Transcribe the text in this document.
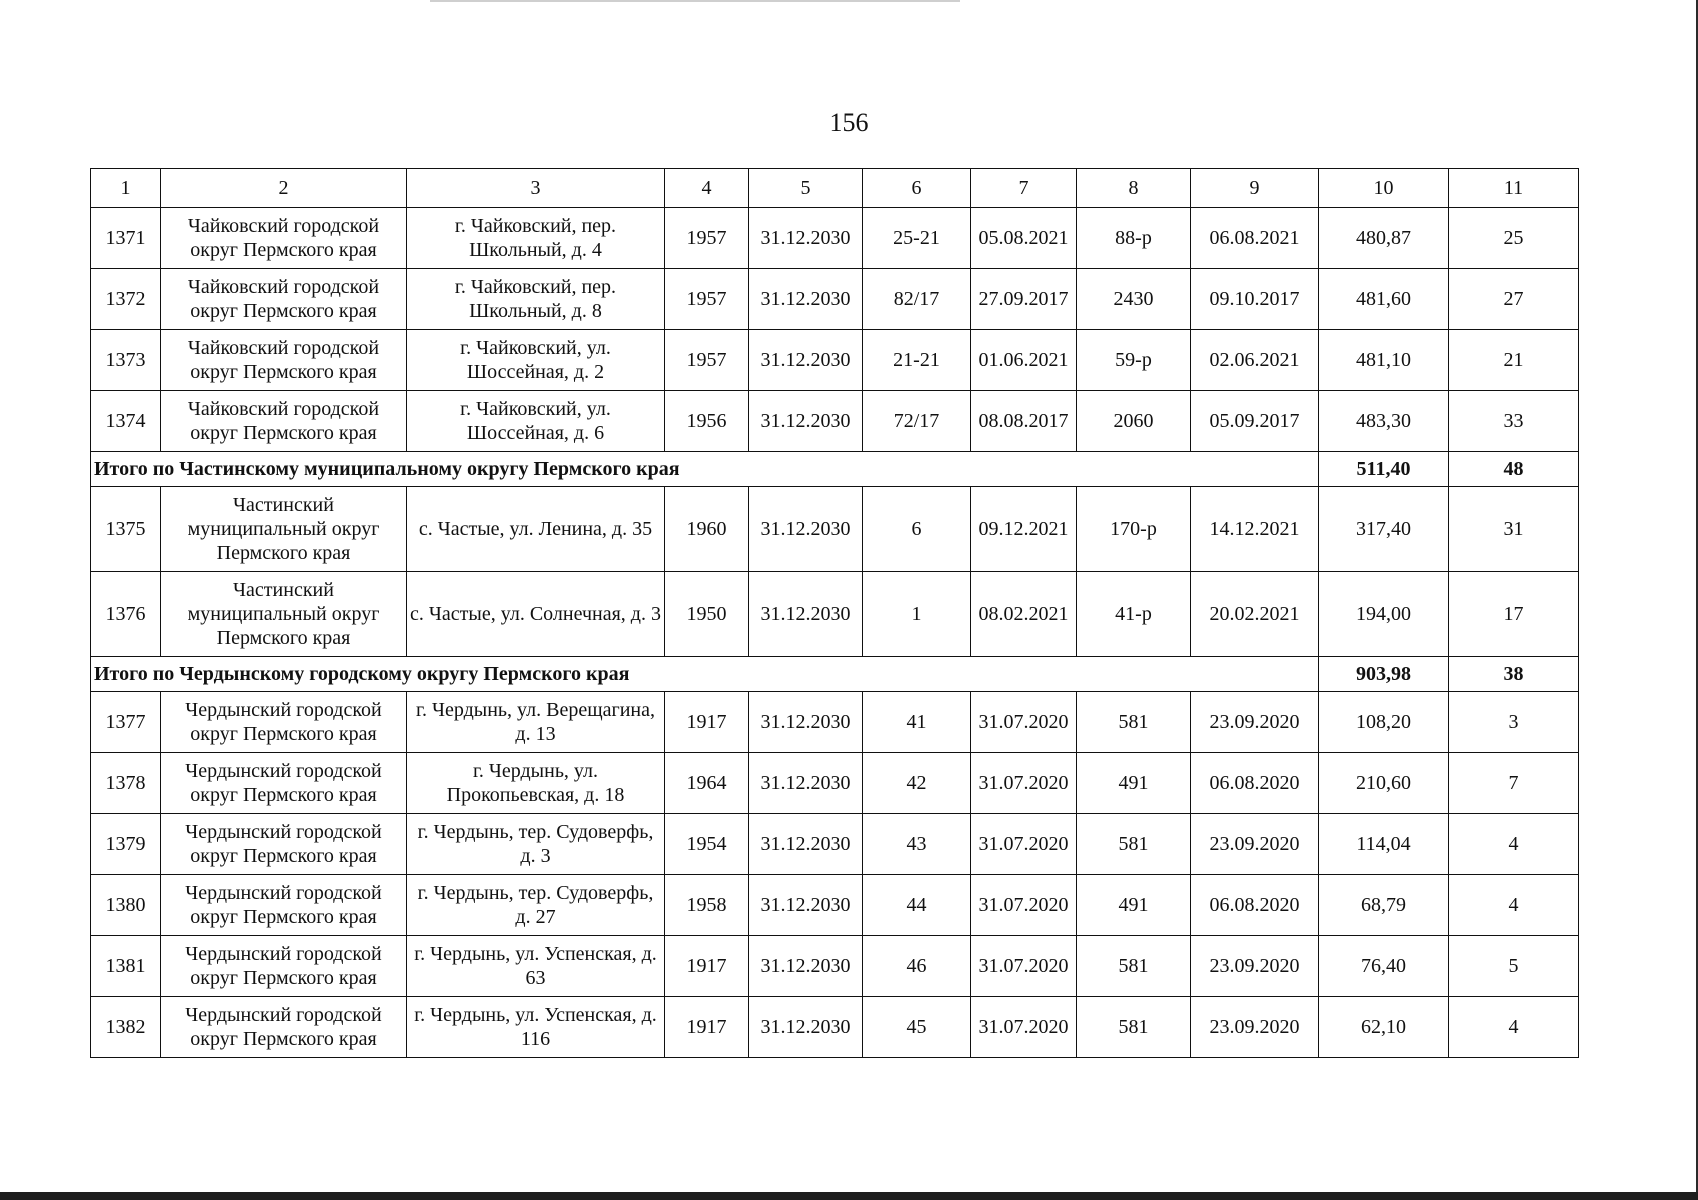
156
1	2	3	4	5	6	7	8	9	10	11
1371	Чайковский городской округ Пермского края	г. Чайковский, пер. Школьный, д. 4	1957	31.12.2030	25-21	05.08.2021	88-р	06.08.2021	480,87	25
1372	Чайковский городской округ Пермского края	г. Чайковский, пер. Школьный, д. 8	1957	31.12.2030	82/17	27.09.2017	2430	09.10.2017	481,60	27
1373	Чайковский городской округ Пермского края	г. Чайковский, ул. Шоссейная, д. 2	1957	31.12.2030	21-21	01.06.2021	59-р	02.06.2021	481,10	21
1374	Чайковский городской округ Пермского края	г. Чайковский, ул. Шоссейная, д. 6	1956	31.12.2030	72/17	08.08.2017	2060	05.09.2017	483,30	33
Итого по Частинскому муниципальному округу Пермского края									511,40	48
1375	Частинский муниципальный округ Пермского края	с. Частые, ул. Ленина, д. 35	1960	31.12.2030	6	09.12.2021	170-р	14.12.2021	317,40	31
1376	Частинский муниципальный округ Пермского края	с. Частые, ул. Солнечная, д. 3	1950	31.12.2030	1	08.02.2021	41-р	20.02.2021	194,00	17
Итого по Чердынскому городскому округу Пермского края									903,98	38
1377	Чердынский городской округ Пермского края	г. Чердынь, ул. Верещагина, д. 13	1917	31.12.2030	41	31.07.2020	581	23.09.2020	108,20	3
1378	Чердынский городской округ Пермского края	г. Чердынь, ул. Прокопьевская, д. 18	1964	31.12.2030	42	31.07.2020	491	06.08.2020	210,60	7
1379	Чердынский городской округ Пермского края	г. Чердынь, тер. Судоверфь, д. 3	1954	31.12.2030	43	31.07.2020	581	23.09.2020	114,04	4
1380	Чердынский городской округ Пермского края	г. Чердынь, тер. Судоверфь, д. 27	1958	31.12.2030	44	31.07.2020	491	06.08.2020	68,79	4
1381	Чердынский городской округ Пермского края	г. Чердынь, ул. Успенская, д. 63	1917	31.12.2030	46	31.07.2020	581	23.09.2020	76,40	5
1382	Чердынский городской округ Пермского края	г. Чердынь, ул. Успенская, д. 116	1917	31.12.2030	45	31.07.2020	581	23.09.2020	62,10	4
